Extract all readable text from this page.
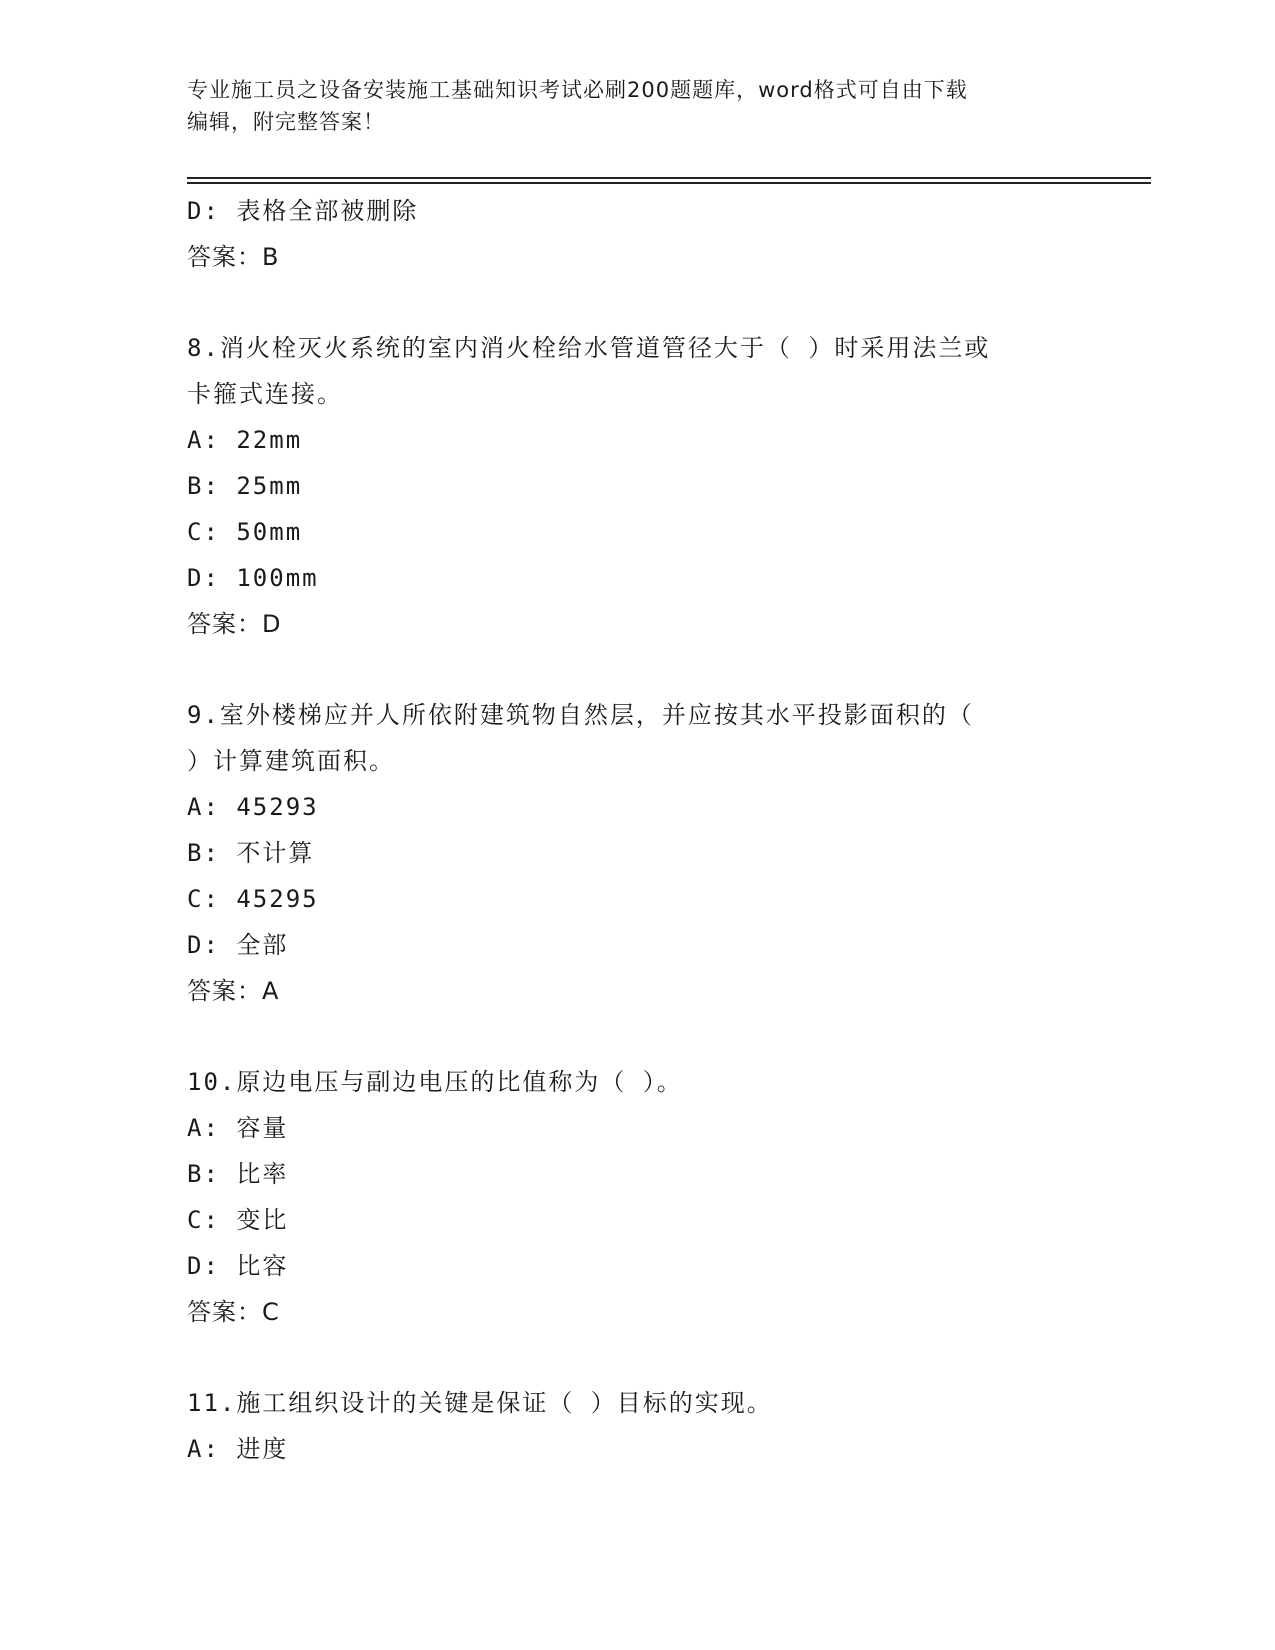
专业施工员之设备安装施工基础知识考试必刷200题题库，word格式可自由下载
编辑，附完整答案！
D: 表格全部被删除
答案：B
8.消火栓灭火系统的室内消火栓给水管道管径大于（ ）时采用法兰或
卡箍式连接。
A: 22mm
B: 25mm
C: 50mm
D: 100mm
答案：D
9.室外楼梯应并人所依附建筑物自然层，并应按其水平投影面积的（
）计算建筑面积。
A: 45293
B: 不计算
C: 45295
D: 全部
答案：A
10.原边电压与副边电压的比值称为（ ）。
A: 容量
B: 比率
C: 变比
D: 比容
答案：C
11.施工组织设计的关键是保证（ ）目标的实现。
A: 进度
